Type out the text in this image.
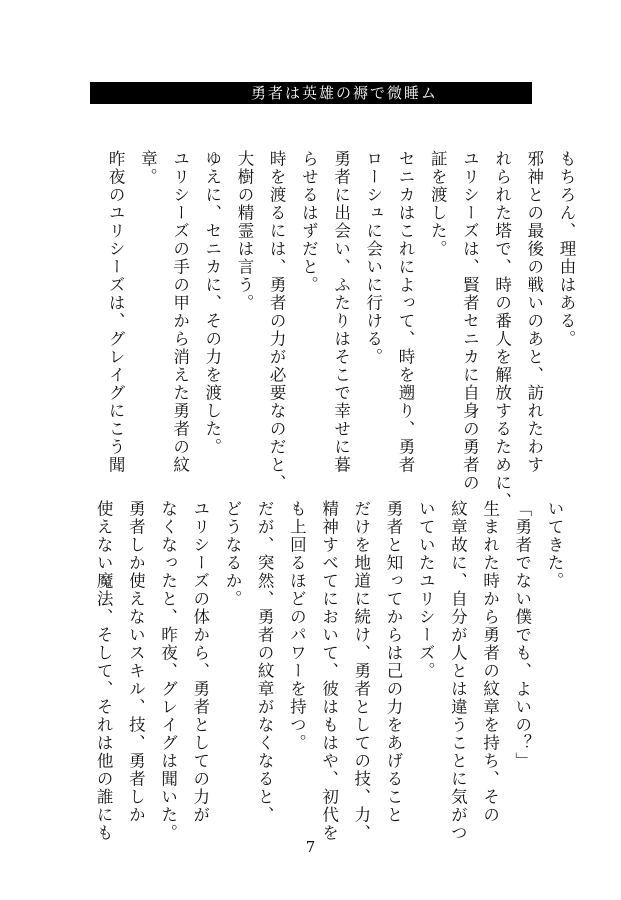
勇者は英雄の褥で微睡ム
もちろん、理由はある。
邪神との最後の戦いのあと、訪れたわす
れられた塔で、時の番人を解放するために、
ユリシーズは、賢者セニカに自身の勇者の
証を渡した。
セニカはこれによって、時を遡り、勇者
ローシュに会いに行ける。
勇者に出会い、ふたりはそこで幸せに暮
らせるはずだと。
時を渡るには、勇者の力が必要なのだと、
大樹の精霊は言う。
ゆえに、セニカに、その力を渡した。
ユリシーズの手の甲から消えた勇者の紋
章。
昨夜のユリシーズは、グレイグにこう聞
いてきた。
「勇者でない僕でも、よいの？」
生まれた時から勇者の紋章を持ち、その
紋章故に、自分が人とは違うことに気がつ
いていたユリシーズ。
勇者と知ってからは己の力をあげること
だけを地道に続け、勇者としての技、力、
精神すべてにおいて、彼はもはや、初代を
も上回るほどのパワーを持つ。
だが、突然、勇者の紋章がなくなると、
どうなるか。
ユリシーズの体から、勇者としての力が
なくなったと、昨夜、グレイグは聞いた。
勇者しか使えないスキル、技、勇者しか
使えない魔法、そして、それは他の誰にも
7
